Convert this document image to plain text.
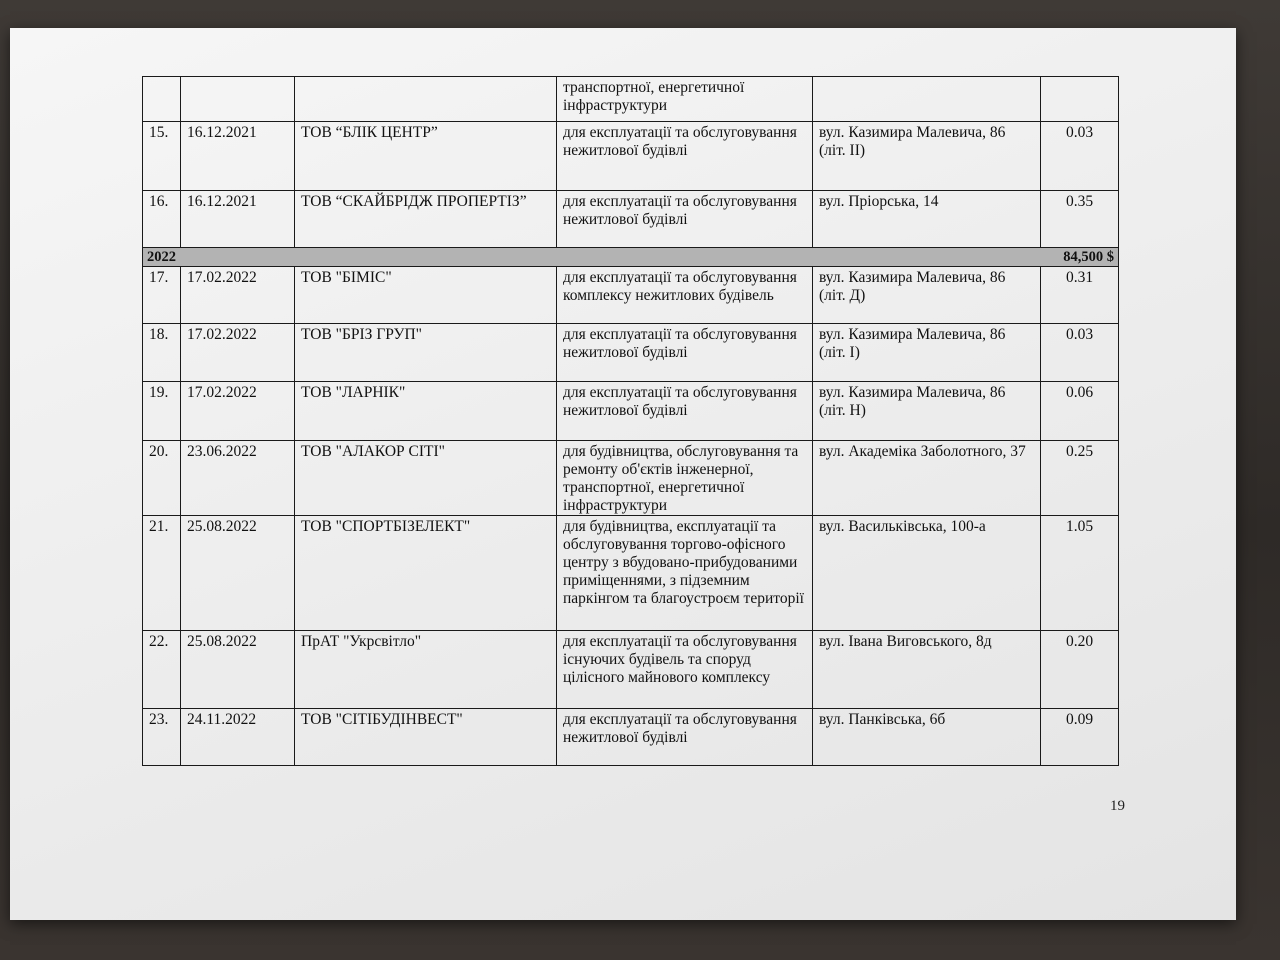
			транспортної, енергетичної інфраструктури		
15.	16.12.2021	ТОВ “БЛІК ЦЕНТР”	для експлуатації та обслуговування нежитлової будівлі	вул. Казимира Малевича, 86 (літ. ІІ)	0.03
16.	16.12.2021	ТОВ “СКАЙБРІДЖ ПРОПЕРТІЗ”	для експлуатації та обслуговування нежитлової будівлі	вул. Пріорська, 14	0.35

2022 84,500 $					

17.	17.02.2022	ТОВ "БІМІС"	для експлуатації та обслуговування комплексу нежитлових будівель	вул. Казимира Малевича, 86 (літ. Д)	0.31
18.	17.02.2022	ТОВ "БРІЗ ГРУП"	для експлуатації та обслуговування нежитлової будівлі	вул. Казимира Малевича, 86 (літ. І)	0.03
19.	17.02.2022	ТОВ "ЛАРНІК"	для експлуатації та обслуговування нежитлової будівлі	вул. Казимира Малевича, 86 (літ. Н)	0.06
20.	23.06.2022	ТОВ "АЛАКОР СІТІ"	для будівництва, обслуговування та ремонту об'єктів інженерної, транспортної, енергетичної інфраструктури	вул. Академіка Заболотного, 37	0.25
21.	25.08.2022	ТОВ "СПОРТБІЗЕЛЕКТ"	для будівництва, експлуатації та обслуговування торгово-офісного центру з вбудовано-прибудованими приміщеннями, з підземним паркінгом та благоустроєм території	вул. Васильківська, 100-а	1.05
22.	25.08.2022	ПрАТ "Укрсвітло"	для експлуатації та обслуговування існуючих будівель та споруд цілісного майнового комплексу	вул. Івана Виговського, 8д	0.20
23.	24.11.2022	ТОВ "СІТІБУДІНВЕСТ"	для експлуатації та обслуговування нежитлової будівлі	вул. Панківська, 6б	0.09
19
